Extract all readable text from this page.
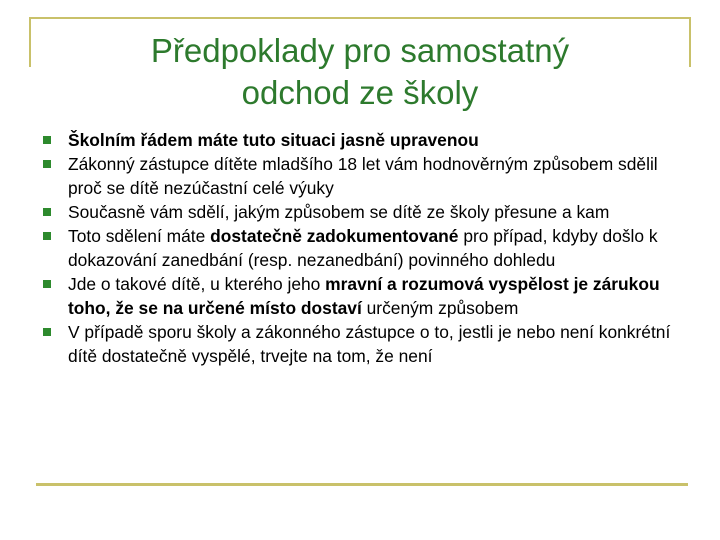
Předpoklady pro samostatný
odchod ze školy
Školním řádem máte tuto situaci jasně upravenou
Zákonný zástupce dítěte mladšího 18 let vám hodnověrným způsobem sdělil proč se dítě nezúčastní celé výuky
Současně vám sdělí, jakým způsobem se dítě ze školy přesune a kam
Toto sdělení máte dostatečně zadokumentované pro případ, kdyby došlo k dokazování zanedbání (resp. nezanedbání) povinného dohledu
Jde o takové dítě, u kterého jeho mravní a rozumová vyspělost je zárukou toho, že se na určené místo dostaví určeným způsobem
V případě sporu školy a zákonného zástupce o to, jestli je nebo není konkrétní dítě dostatečně vyspělé, trvejte na tom, že není
